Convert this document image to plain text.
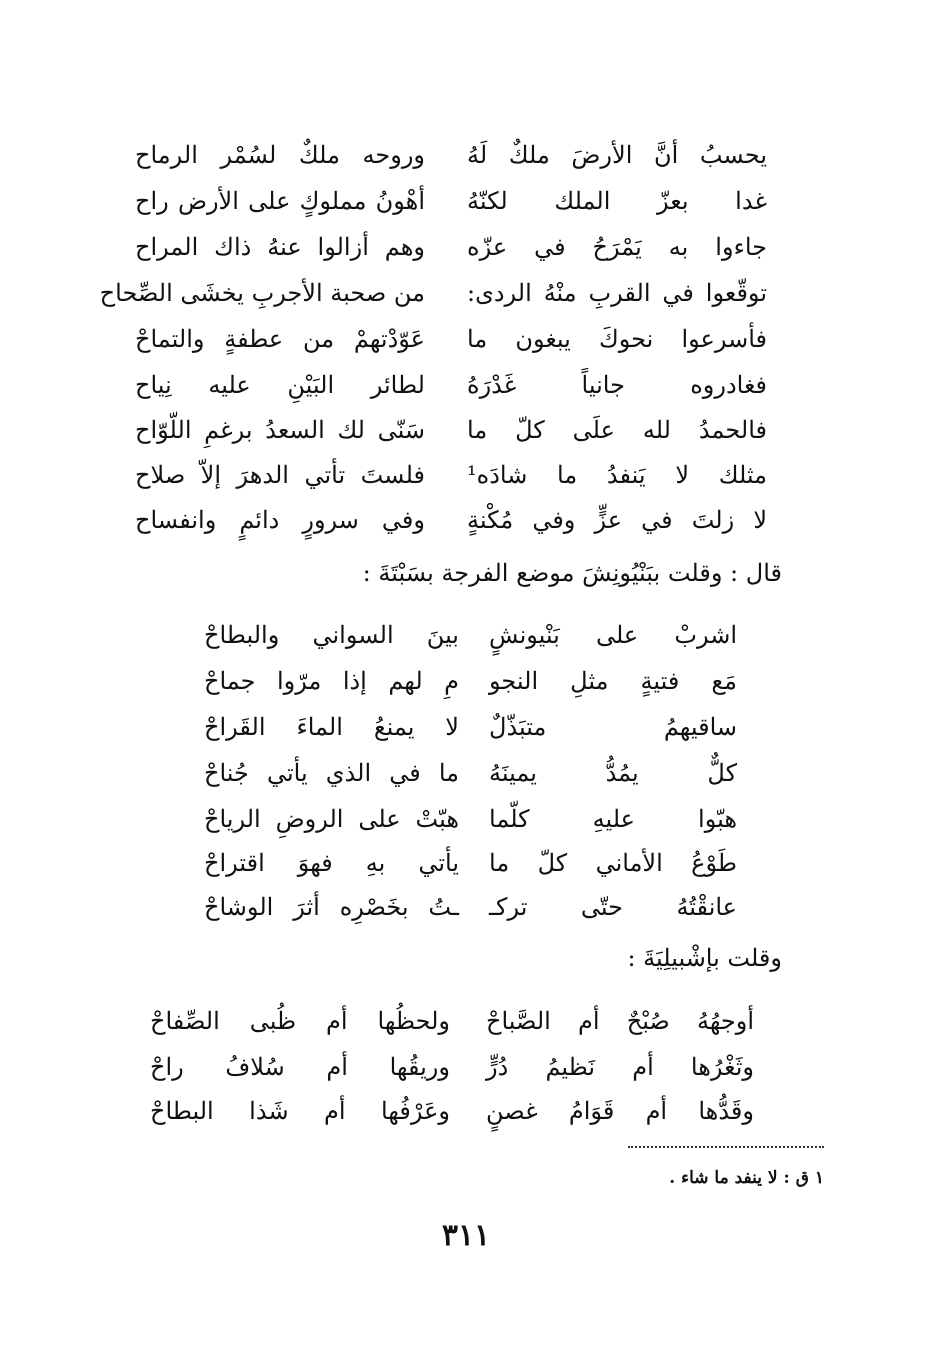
يحسبُ أنَّ الأرضَ ملكٌ لَهُ
وروحه ملكٌ لسُمْر الرماح
غدا بعزّ الملك لكنّهُ
أهْونُ مملوكٍ على الأرض راح
جاءوا به يَمْرَحُ في عزّه
وهم أزالوا عنهُ ذاك المراح
توقّعوا في القربِ منْهُ الردى:
من صحبة الأجربِ يخشَى الصِّحاح
فأسرعوا نحوكَ يبغون ما
عَوّدْتهمْ من عطفةٍ والتماحْ
فغادروه جانياً غَدْرَهُ
لطائر البَيْنِ عليه نِياح
فالحمدُ لله علَى كلّ ما
سَنّى لك السعدُ برغمِ اللّوّاح
مثلك لا يَنفدُ ما شادَه¹
فلستَ تأتي الدهرَ إلاّ صلاح
لا زلتَ في عزٍّ وفي مُكْنةٍ
وفي سرورٍ دائمٍ وانفساح
قال : وقلت ببَنْيُونِشَ موضع الفرجة بسَبْتَةَ :
اشربْ على بَنْيونشٍ
بينَ السواني والبطاحْ
مَع فتيةٍ مثلِ النجو
مِ لهم إذا مرّوا جماحْ
ساقيهمُ متبَذّلٌ
لا يمنعُ الماءَ القَراحْ
كلٌّ يمُدُّ يمينَهُ
ما في الذي يأتي جُناحْ
هبّوا عليهِ كلّما
هبّتْ على الروضِ الرياحْ
طَوْعُ الأماني كلّ ما
يأتي بهِ فهوَ اقتراحْ
عانقْتُهُ حتّى تركـ
ـتُ بخَصْرِه أثرَ الوشاحْ
وقلت بإشْبيلِيَةَ :
أوجهُهُ صُبْحٌ أم الصَّباحْ
ولحظُها أم ظُبى الصِّفاحْ
وثَغْرُها أم نَظيمُ دُرٍّ
وريقُها أم سُلافُ راحْ
وقَدُّها أم قَوَامُ غصنٍ
وعَرْفُها أم شَذا البطاحْ
١ ق : لا ينفد ما شاء .
٣١١
